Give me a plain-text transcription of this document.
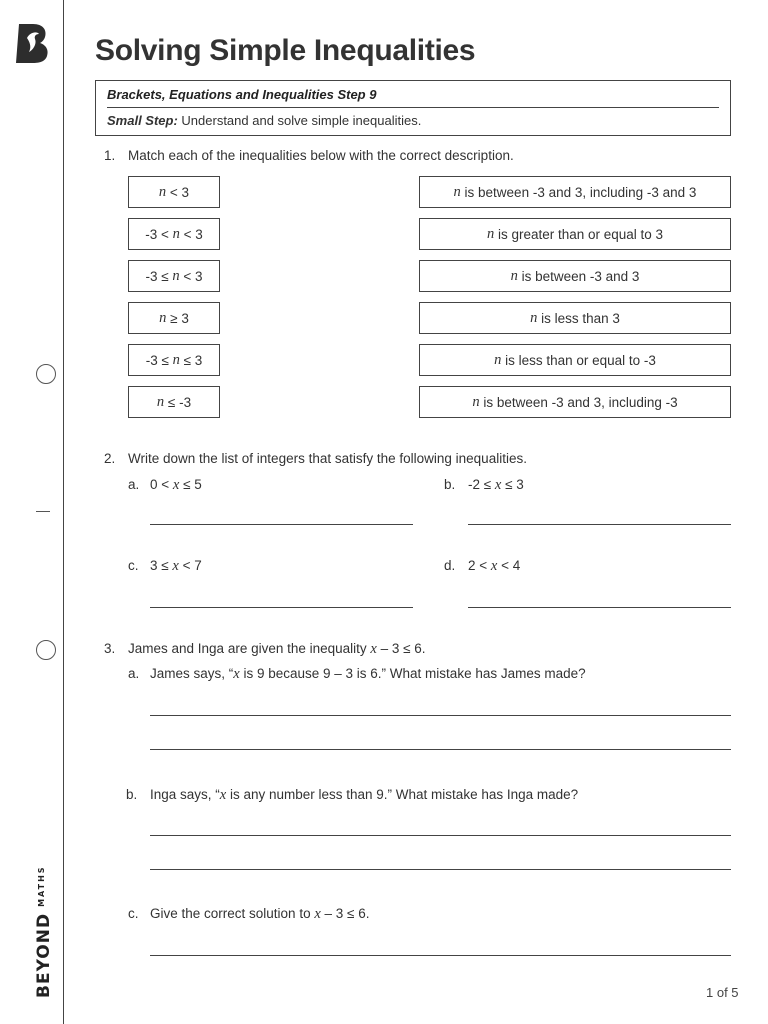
$BEYOND^{MATHS}$
Solving Simple Inequalities
Brackets, Equations and Inequalities Step 9
Small Step: Understand and solve simple inequalities.
1. Match each of the inequalities below with the correct description.
n < 3
-3 < n < 3
-3 ≤ n < 3
n ≥ 3
-3 ≤ n ≤ 3
n ≤ -3
n is between -3 and 3, including -3 and 3
n is greater than or equal to 3
n is between -3 and 3
n is less than 3
n is less than or equal to -3
n is between -3 and 3, including -3
2. Write down the list of integers that satisfy the following inequalities.
a. 0 < x ≤ 5	b. -2 ≤ x ≤ 3
c. 3 ≤ x < 7	d. 2 < x < 4
3. James and Inga are given the inequality x – 3 ≤ 6.
a. James says, “x is 9 because 9 – 3 is 6.” What mistake has James made?
b. Inga says, “x is any number less than 9.” What mistake has Inga made?
c. Give the correct solution to x – 3 ≤ 6.
1 of 5
